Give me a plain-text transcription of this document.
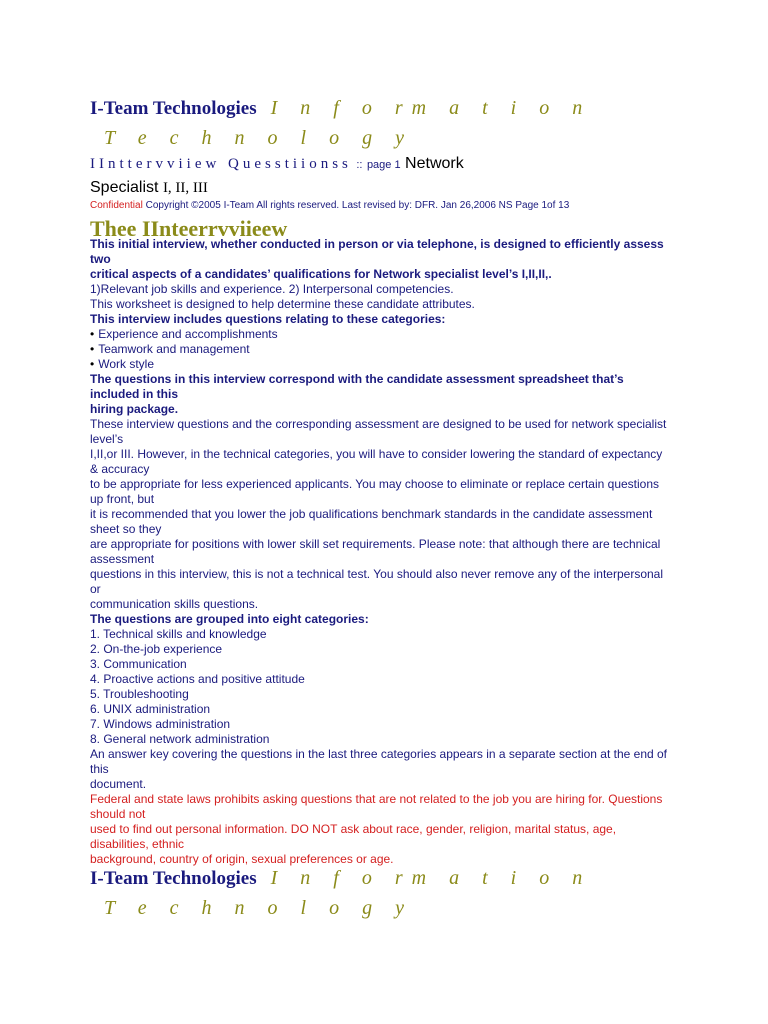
I-Team Technologies I n f o rm a t i o n
T e c h n o l o g y
IInttervviiew Quesstiionss :: page 1 Network
Specialist I, II, III
Confidential Copyright ©2005 I-Team All rights reserved. Last revised by: DFR. Jan 26,2006 NS Page 1of 13
Thee IInteerrvviieew

This initial interview, whether conducted in person or via telephone, is designed to efficiently assess two

critical aspects of a candidates’ qualifications for Network specialist level’s I,II,II,.

1)Relevant job skills and experience. 2) Interpersonal competencies.

This worksheet is designed to help determine these candidate attributes.

This interview includes questions relating to these categories:

• Experience and accomplishments

• Teamwork and management

• Work style

The questions in this interview correspond with the candidate assessment spreadsheet that’s included in this

hiring package.

These interview questions and the corresponding assessment are designed to be used for network specialist level’s

I,II,or III. However, in the technical categories, you will have to consider lowering the standard of expectancy & accuracy

to be appropriate for less experienced applicants. You may choose to eliminate or replace certain questions up front, but

it is recommended that you lower the job qualifications benchmark standards in the candidate assessment sheet so they

are appropriate for positions with lower skill set requirements. Please note: that although there are technical assessment

questions in this interview, this is not a technical test. You should also never remove any of the interpersonal or

communication skills questions.

The questions are grouped into eight categories:

1. Technical skills and knowledge

2. On-the-job experience

3. Communication

4. Proactive actions and positive attitude

5. Troubleshooting

6. UNIX administration

7. Windows administration

8. General network administration

An answer key covering the questions in the last three categories appears in a separate section at the end of this

document.

Federal and state laws prohibits asking questions that are not related to the job you are hiring for. Questions should not

used to find out personal information. DO NOT ask about race, gender, religion, marital status, age, disabilities, ethnic

background, country of origin, sexual preferences or age.

I-Team Technologies I n f o rm a t i o n
T e c h n o l o g y
